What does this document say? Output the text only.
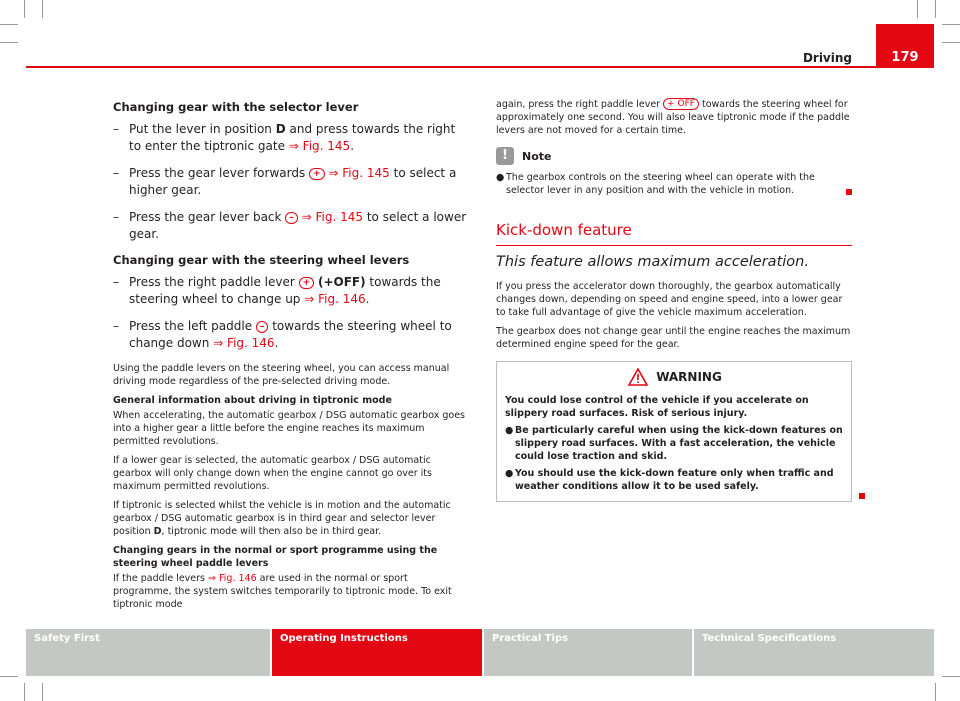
179
Driving
Changing gear with the selector lever
– Put the lever in position D and press towards the right to enter the tiptronic gate ⇒ Fig. 145.
– Press the gear lever forwards + ⇒ Fig. 145 to select a higher gear.
– Press the gear lever back – ⇒ Fig. 145 to select a lower gear.
Changing gear with the steering wheel levers
– Press the right paddle lever + (+OFF) towards the steering wheel to change up ⇒ Fig. 146.
– Press the left paddle – towards the steering wheel to change down ⇒ Fig. 146.

Using the paddle levers on the steering wheel, you can access manual driving mode regardless of the pre-selected driving mode.

General information about driving in tiptronic mode

When accelerating, the automatic gearbox / DSG automatic gearbox goes into a higher gear a little before the engine reaches its maximum permitted revolutions.

If a lower gear is selected, the automatic gearbox / DSG automatic gearbox will only change down when the engine cannot go over its maximum permitted revolutions.

If tiptronic is selected whilst the vehicle is in motion and the automatic gearbox / DSG automatic gearbox is in third gear and selector lever position D, tiptronic mode will then also be in third gear.

Changing gears in the normal or sport programme using the steering wheel paddle levers

If the paddle levers ⇒ Fig. 146 are used in the normal or sport programme, the system switches temporarily to tiptronic mode. To exit tiptronic mode

again, press the right paddle lever + OFF towards the steering wheel for approximately one second. You will also leave tiptronic mode if the paddle levers are not moved for a certain time.

!	Note
● The gearbox controls on the steering wheel can operate with the selector lever in any position and with the vehicle in motion.
Kick-down feature
This feature allows maximum acceleration.

If you press the accelerator down thoroughly, the gearbox automatically changes down, depending on speed and engine speed, into a lower gear to take full advantage of give the vehicle maximum acceleration.

The gearbox does not change gear until the engine reaches the maximum determined engine speed for the gear.

WARNING

You could lose control of the vehicle if you accelerate on slippery road surfaces. Risk of serious injury.

● Be particularly careful when using the kick-down features on slippery road surfaces. With a fast acceleration, the vehicle could lose traction and skid.
● You should use the kick-down feature only when traffic and weather conditions allow it to be used safely.
Safety First	Operating Instructions	Practical Tips	Technical Specifications
